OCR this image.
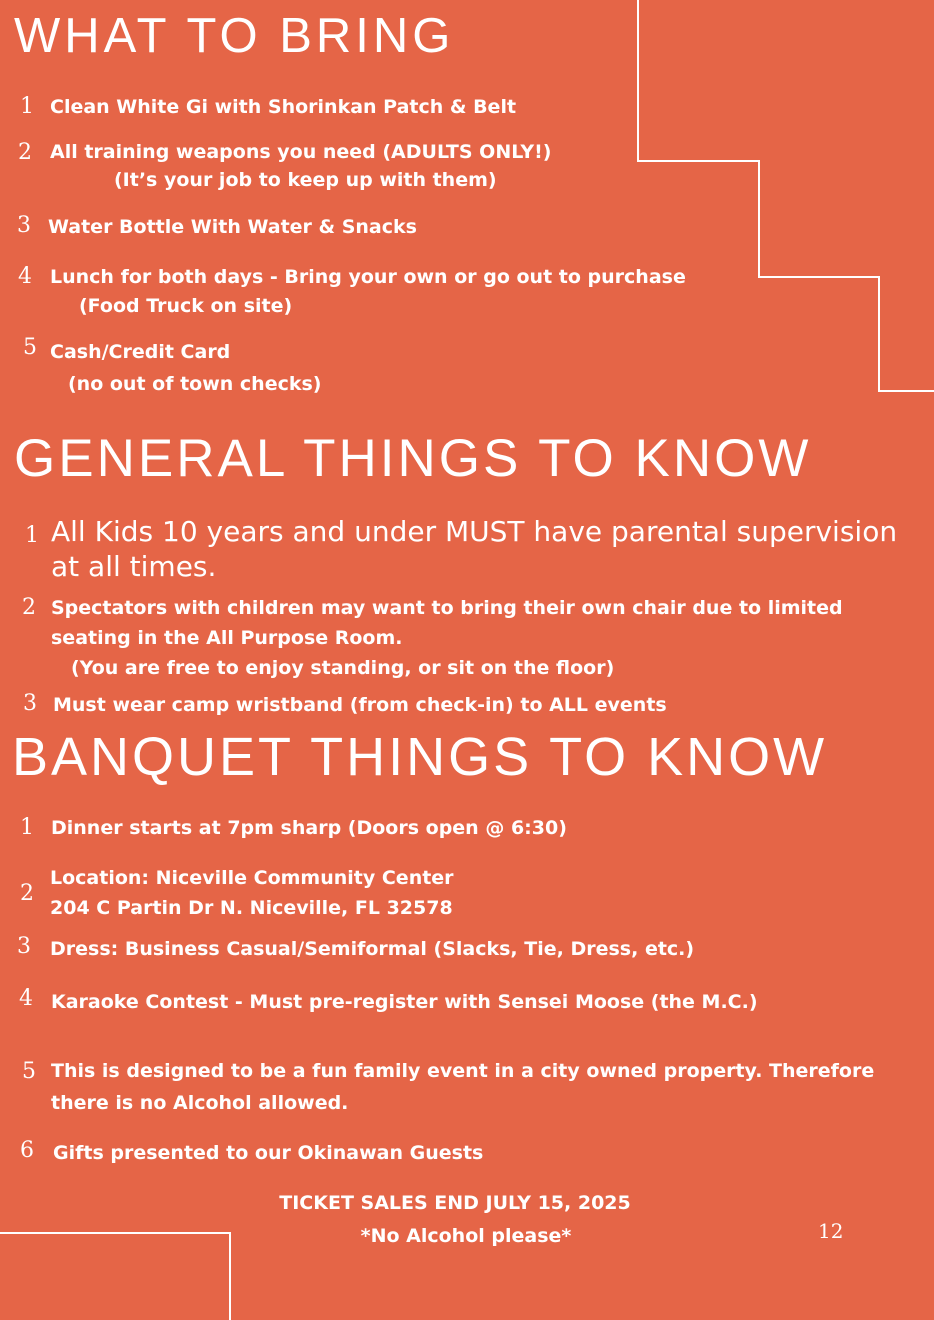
WHAT TO BRING
1 Clean White Gi with Shorinkan Patch & Belt
2 All training weapons you need (ADULTS ONLY!)
(It’s your job to keep up with them)
3 Water Bottle With Water & Snacks
4 Lunch for both days - Bring your own or go out to purchase
(Food Truck on site)
5 Cash/Credit Card
(no out of town checks)
GENERAL THINGS TO KNOW
1 All Kids 10 years and under MUST have parental supervision
at all times.
2 Spectators with children may want to bring their own chair due to limited
seating in the All Purpose Room.
(You are free to enjoy standing, or sit on the floor)
3 Must wear camp wristband (from check-in) to ALL events
BANQUET THINGS TO KNOW
1 Dinner starts at 7pm sharp (Doors open @ 6:30)
2
Location: Niceville Community Center
204 C Partin Dr N. Niceville, FL 32578
3 Dress: Business Casual/Semiformal (Slacks, Tie, Dress, etc.)
4 Karaoke Contest - Must pre-register with Sensei Moose (the M.C.)
5 This is designed to be a fun family event in a city owned property. Therefore
there is no Alcohol allowed.
6 Gifts presented to our Okinawan Guests
TICKET SALES END JULY 15, 2025
*No Alcohol please*	12
